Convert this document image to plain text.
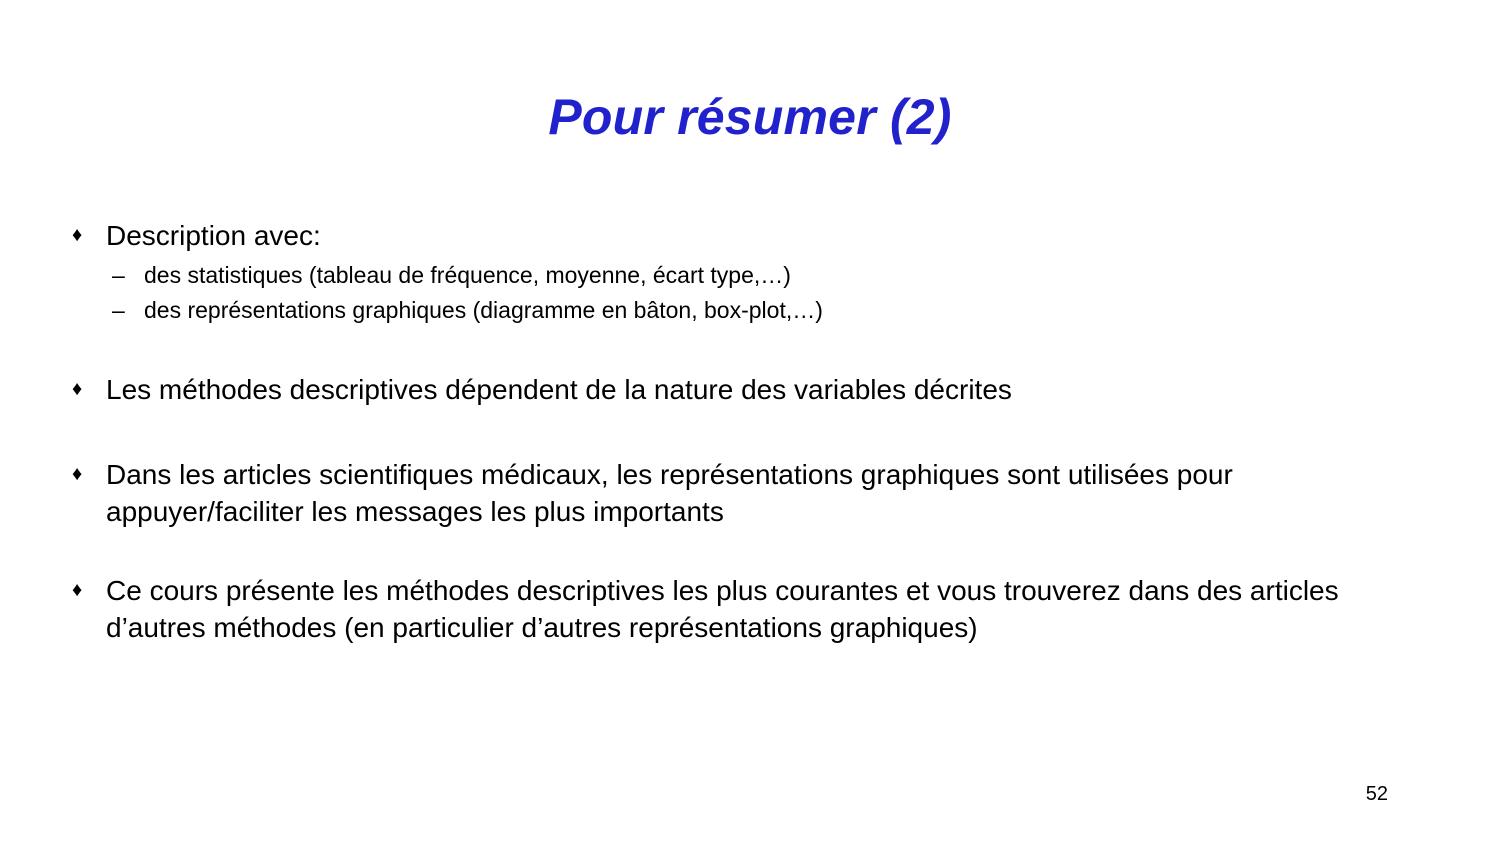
Pour résumer (2)
♦ Description avec:
– des statistiques (tableau de fréquence, moyenne, écart type,…)
– des représentations graphiques (diagramme en bâton, box-plot,…)
♦ Les méthodes descriptives dépendent de la nature des variables décrites
♦ Dans les articles scientifiques médicaux, les représentations graphiques sont utilisées pour appuyer/faciliter les messages les plus importants
♦ Ce cours présente les méthodes descriptives les plus courantes et vous trouverez dans des articles d’autres méthodes (en particulier d’autres représentations graphiques)
52
